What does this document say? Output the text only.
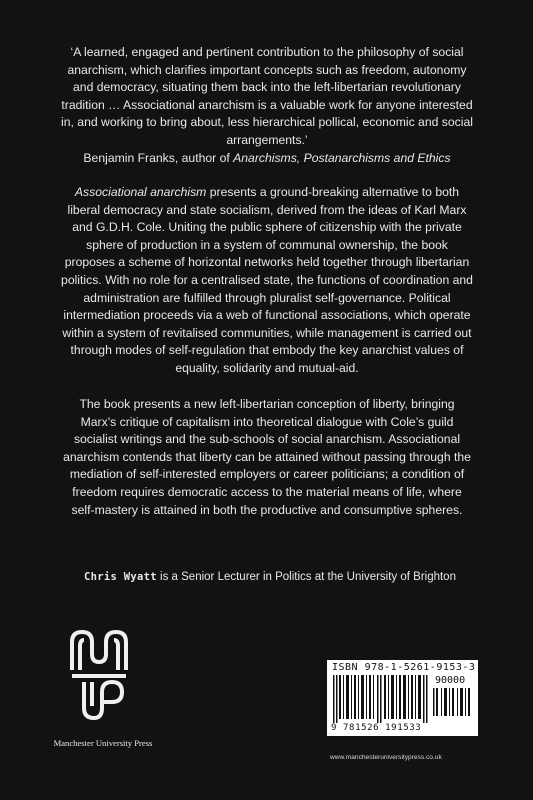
‘A learned, engaged and pertinent contribution to the philosophy of social anarchism, which clarifies important concepts such as freedom, autonomy and democracy, situating them back into the left-libertarian revolutionary tradition … Associational anarchism is a valuable work for anyone interested in, and working to bring about, less hierarchical pollical, economic and social arrangements.’

Benjamin Franks, author of Anarchisms, Postanarchisms and Ethics

Associational anarchism presents a ground-breaking alternative to both liberal democracy and state socialism, derived from the ideas of Karl Marx and G.D.H. Cole. Uniting the public sphere of citizenship with the private sphere of production in a system of communal ownership, the book proposes a scheme of horizontal networks held together through libertarian politics. With no role for a centralised state, the functions of coordination and administration are fulfilled through pluralist self-governance. Political intermediation proceeds via a web of functional associations, which operate within a system of revitalised communities, while management is carried out through modes of self-regulation that embody the key anarchist values of equality, solidarity and mutual-aid.
The book presents a new left-libertarian conception of liberty, bringing Marx’s critique of capitalism into theoretical dialogue with Cole’s guild socialist writings and the sub-schools of social anarchism. Associational anarchism contends that liberty can be attained without passing through the mediation of self-interested employers or career politicians; a condition of freedom requires democratic access to the material means of life, where self-mastery is attained in both the productive and consumptive spheres.
Chris Wyatt is a Senior Lecturer in Politics at the University of Brighton
Manchester University Press
ISBN 978-1-5261-9153-3
90000
9 781526 191533
www.manchesteruniversitypress.co.uk
